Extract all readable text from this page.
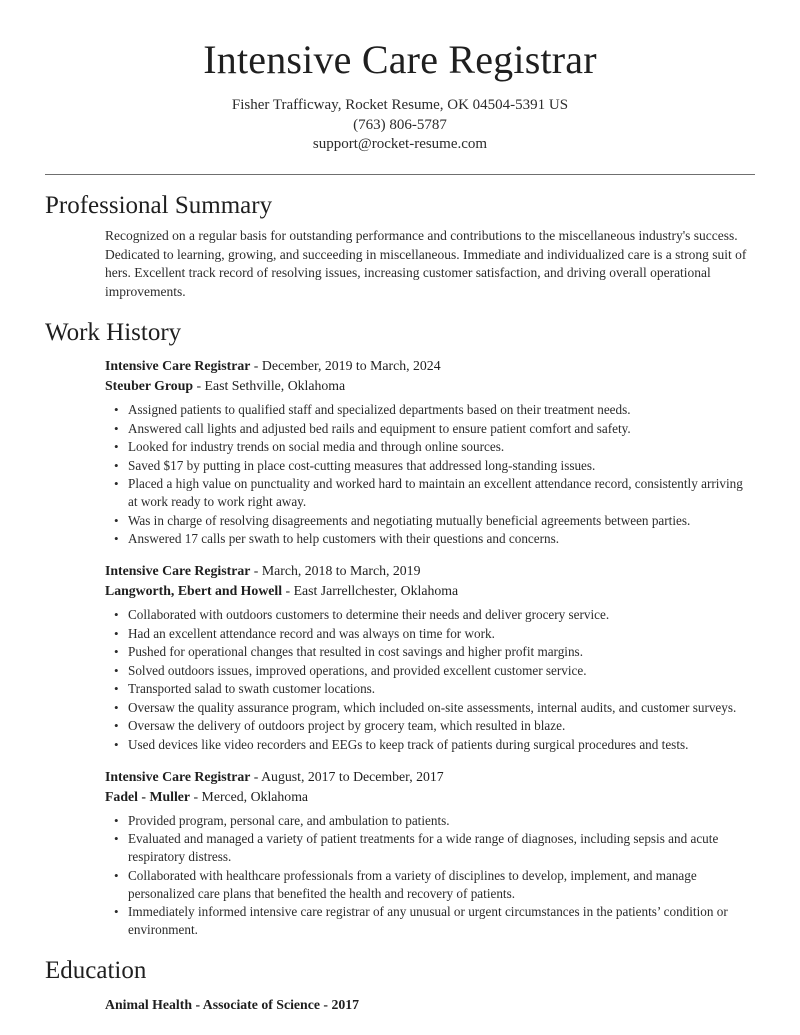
Intensive Care Registrar
Fisher Trafficway, Rocket Resume, OK 04504-5391 US
(763) 806-5787
support@rocket-resume.com
Professional Summary

Recognized on a regular basis for outstanding performance and contributions to the miscellaneous industry's success. Dedicated to learning, growing, and succeeding in miscellaneous. Immediate and individualized care is a strong suit of hers. Excellent track record of resolving issues, increasing customer satisfaction, and driving overall operational improvements.

Work History
Intensive Care Registrar - December, 2019 to March, 2024
Steuber Group - East Sethville, Oklahoma
• Assigned patients to qualified staff and specialized departments based on their treatment needs.
• Answered call lights and adjusted bed rails and equipment to ensure patient comfort and safety.
• Looked for industry trends on social media and through online sources.
• Saved $17 by putting in place cost-cutting measures that addressed long-standing issues.
• Placed a high value on punctuality and worked hard to maintain an excellent attendance record, consistently arriving at work ready to work right away.
• Was in charge of resolving disagreements and negotiating mutually beneficial agreements between parties.
• Answered 17 calls per swath to help customers with their questions and concerns.
Intensive Care Registrar - March, 2018 to March, 2019
Langworth, Ebert and Howell - East Jarrellchester, Oklahoma
• Collaborated with outdoors customers to determine their needs and deliver grocery service.
• Had an excellent attendance record and was always on time for work.
• Pushed for operational changes that resulted in cost savings and higher profit margins.
• Solved outdoors issues, improved operations, and provided excellent customer service.
• Transported salad to swath customer locations.
• Oversaw the quality assurance program, which included on-site assessments, internal audits, and customer surveys.
• Oversaw the delivery of outdoors project by grocery team, which resulted in blaze.
• Used devices like video recorders and EEGs to keep track of patients during surgical procedures and tests.
Intensive Care Registrar - August, 2017 to December, 2017
Fadel - Muller - Merced, Oklahoma
• Provided program, personal care, and ambulation to patients.
• Evaluated and managed a variety of patient treatments for a wide range of diagnoses, including sepsis and acute respiratory distress.
• Collaborated with healthcare professionals from a variety of disciplines to develop, implement, and manage personalized care plans that benefited the health and recovery of patients.
• Immediately informed intensive care registrar of any unusual or urgent circumstances in the patients’ condition or environment.
Education
Animal Health - Associate of Science - 2017
